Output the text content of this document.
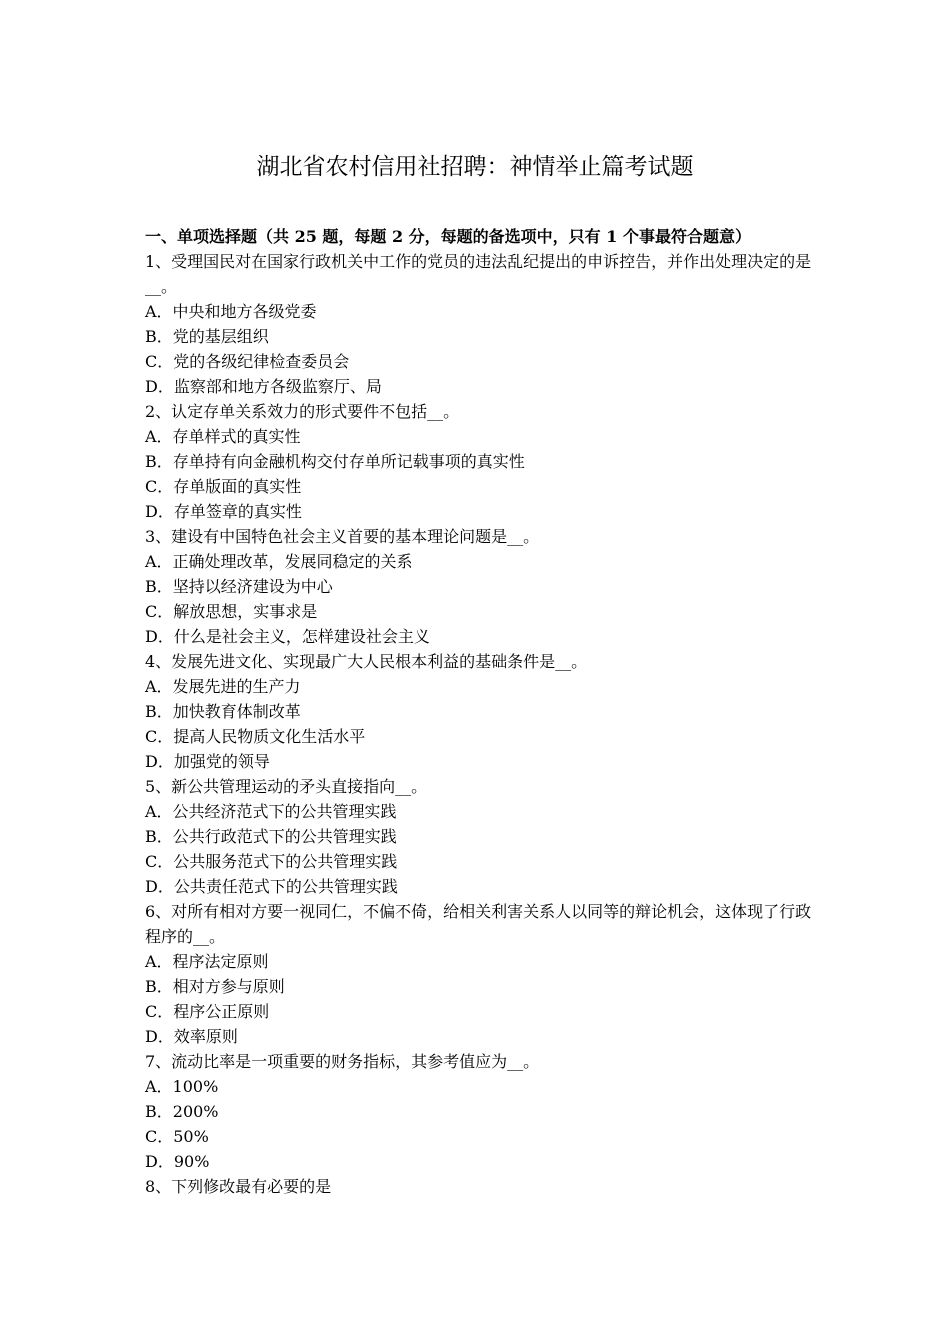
湖北省农村信用社招聘：神情举止篇考试题

一、单项选择题（共 25 题，每题 2 分，每题的备选项中，只有 1 个事最符合题意）

1、受理国民对在国家行政机关中工作的党员的违法乱纪提出的申诉控告，并作出处理决定的是__。

A．中央和地方各级党委

B．党的基层组织

C．党的各级纪律检查委员会

D．监察部和地方各级监察厅、局

2、认定存单关系效力的形式要件不包括__。

A．存单样式的真实性

B．存单持有向金融机构交付存单所记载事项的真实性

C．存单版面的真实性

D．存单签章的真实性

3、建设有中国特色社会主义首要的基本理论问题是__。

A．正确处理改革，发展同稳定的关系

B．坚持以经济建设为中心

C．解放思想，实事求是

D．什么是社会主义，怎样建设社会主义

4、发展先进文化、实现最广大人民根本利益的基础条件是__。

A．发展先进的生产力

B．加快教育体制改革

C．提高人民物质文化生活水平

D．加强党的领导

5、新公共管理运动的矛头直接指向__。

A．公共经济范式下的公共管理实践

B．公共行政范式下的公共管理实践

C．公共服务范式下的公共管理实践

D．公共责任范式下的公共管理实践

6、对所有相对方要一视同仁，不偏不倚，给相关利害关系人以同等的辩论机会，这体现了行政程序的__。

A．程序法定原则

B．相对方参与原则

C．程序公正原则

D．效率原则

7、流动比率是一项重要的财务指标，其参考值应为__。

A．100%

B．200%

C．50%

D．90%

8、下列修改最有必要的是
